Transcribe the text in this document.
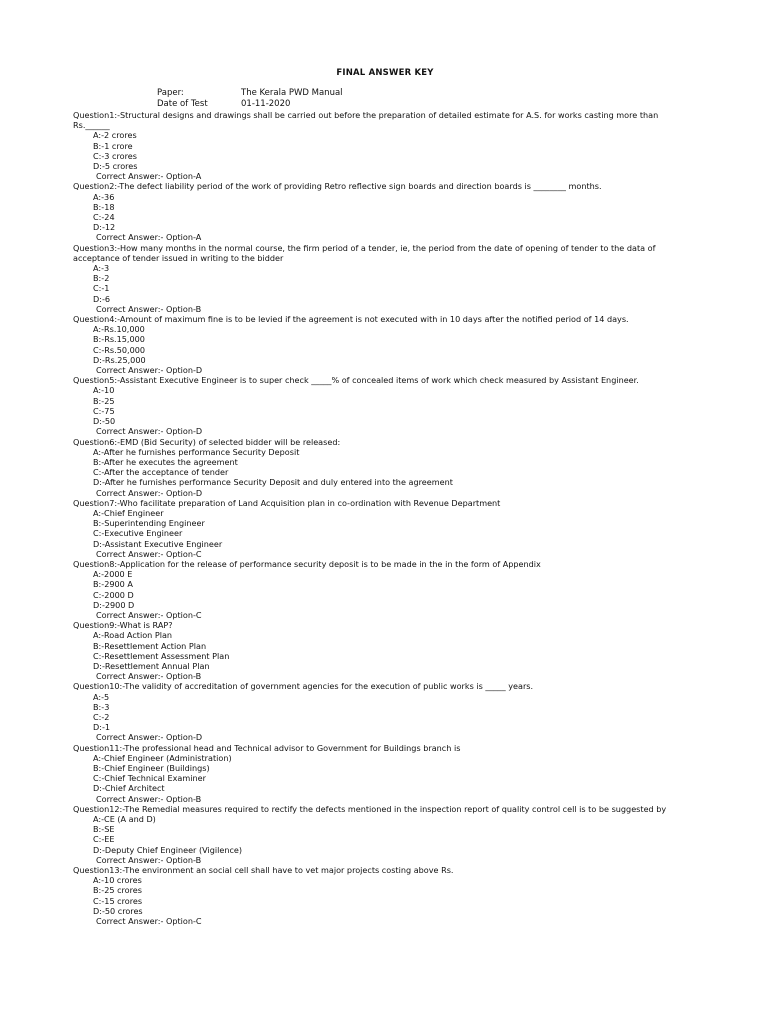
FINAL ANSWER KEY
Paper:	The Kerala PWD Manual
Date of Test	01-11-2020
Question1:-Structural designs and drawings shall be carried out before the preparation of detailed estimate for A.S. for works casting more than Rs.______
A:-2 crores
B:-1 crore
C:-3 crores
D:-5 crores
Correct Answer:- Option-A
Question2:-The defect liability period of the work of providing Retro reflective sign boards and direction boards is ________ months.
A:-36
B:-18
C:-24
D:-12
Correct Answer:- Option-A
Question3:-How many months in the normal course, the firm period of a tender, ie, the period from the date of opening of tender to the data of acceptance of tender issued in writing to the bidder
A:-3
B:-2
C:-1
D:-6
Correct Answer:- Option-B
Question4:-Amount of maximum fine is to be levied if the agreement is not executed with in 10 days after the notified period of 14 days.
A:-Rs.10,000
B:-Rs.15,000
C:-Rs.50,000
D:-Rs.25,000
Correct Answer:- Option-D
Question5:-Assistant Executive Engineer is to super check _____% of concealed items of work which check measured by Assistant Engineer.
A:-10
B:-25
C:-75
D:-50
Correct Answer:- Option-D
Question6:-EMD (Bid Security) of selected bidder will be released:
A:-After he furnishes performance Security Deposit
B:-After he executes the agreement
C:-After the acceptance of tender
D:-After he furnishes performance Security Deposit and duly entered into the agreement
Correct Answer:- Option-D
Question7:-Who facilitate preparation of Land Acquisition plan in co-ordination with Revenue Department
A:-Chief Engineer
B:-Superintending Engineer
C:-Executive Engineer
D:-Assistant Executive Engineer
Correct Answer:- Option-C
Question8:-Application for the release of performance security deposit is to be made in the in the form of Appendix
A:-2000 E
B:-2900 A
C:-2000 D
D:-2900 D
Correct Answer:- Option-C
Question9:-What is RAP?
A:-Road Action Plan
B:-Resettlement Action Plan
C:-Resettlement Assessment Plan
D:-Resettlement Annual Plan
Correct Answer:- Option-B
Question10:-The validity of accreditation of government agencies for the execution of public works is _____ years.
A:-5
B:-3
C:-2
D:-1
Correct Answer:- Option-D
Question11:-The professional head and Technical advisor to Government for Buildings branch is
A:-Chief Engineer (Administration)
B:-Chief Engineer (Buildings)
C:-Chief Technical Examiner
D:-Chief Architect
Correct Answer:- Option-B
Question12:-The Remedial measures required to rectify the defects mentioned in the inspection report of quality control cell is to be suggested by
A:-CE (A and D)
B:-SE
C:-EE
D:-Deputy Chief Engineer (Vigilence)
Correct Answer:- Option-B
Question13:-The environment an social cell shall have to vet major projects costing above Rs.
A:-10 crores
B:-25 crores
C:-15 crores
D:-50 crores
Correct Answer:- Option-C
